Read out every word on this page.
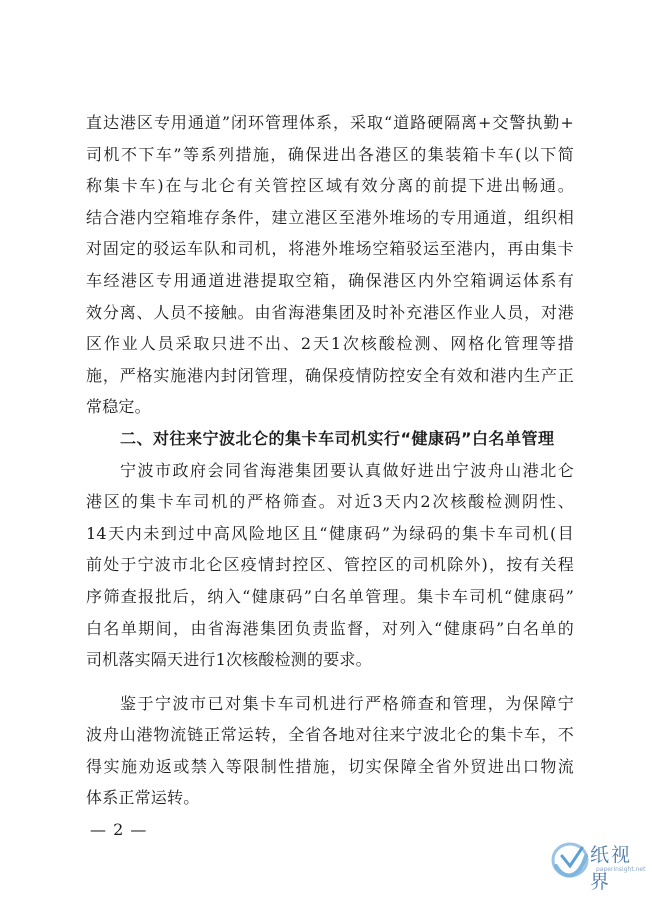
直达港区专用通道”闭环管理体系，采取“道路硬隔离+交警执勤+

司机不下车”等系列措施，确保进出各港区的集装箱卡车(以下简

称集卡车)在与北仑有关管控区域有效分离的前提下进出畅通。

结合港内空箱堆存条件，建立港区至港外堆场的专用通道，组织相

对固定的驳运车队和司机，将港外堆场空箱驳运至港内，再由集卡

车经港区专用通道进港提取空箱，确保港区内外空箱调运体系有

效分离、人员不接触。由省海港集团及时补充港区作业人员，对港

区作业人员采取只进不出、2天1次核酸检测、网格化管理等措

施，严格实施港内封闭管理，确保疫情防控安全有效和港内生产正

常稳定。

二、对往来宁波北仑的集卡车司机实行“健康码”白名单管理

宁波市政府会同省海港集团要认真做好进出宁波舟山港北仑

港区的集卡车司机的严格筛查。对近3天内2次核酸检测阴性、

14天内未到过中高风险地区且“健康码”为绿码的集卡车司机(目

前处于宁波市北仑区疫情封控区、管控区的司机除外)，按有关程

序筛查报批后，纳入“健康码”白名单管理。集卡车司机“健康码”

白名单期间，由省海港集团负责监督，对列入“健康码”白名单的

司机落实隔天进行1次核酸检测的要求。

鉴于宁波市已对集卡车司机进行严格筛查和管理，为保障宁

波舟山港物流链正常运转，全省各地对往来宁波北仑的集卡车，不

得实施劝返或禁入等限制性措施，切实保障全省外贸进出口物流

体系正常运转。

— 2 —
纸视界
paperinsight.net
